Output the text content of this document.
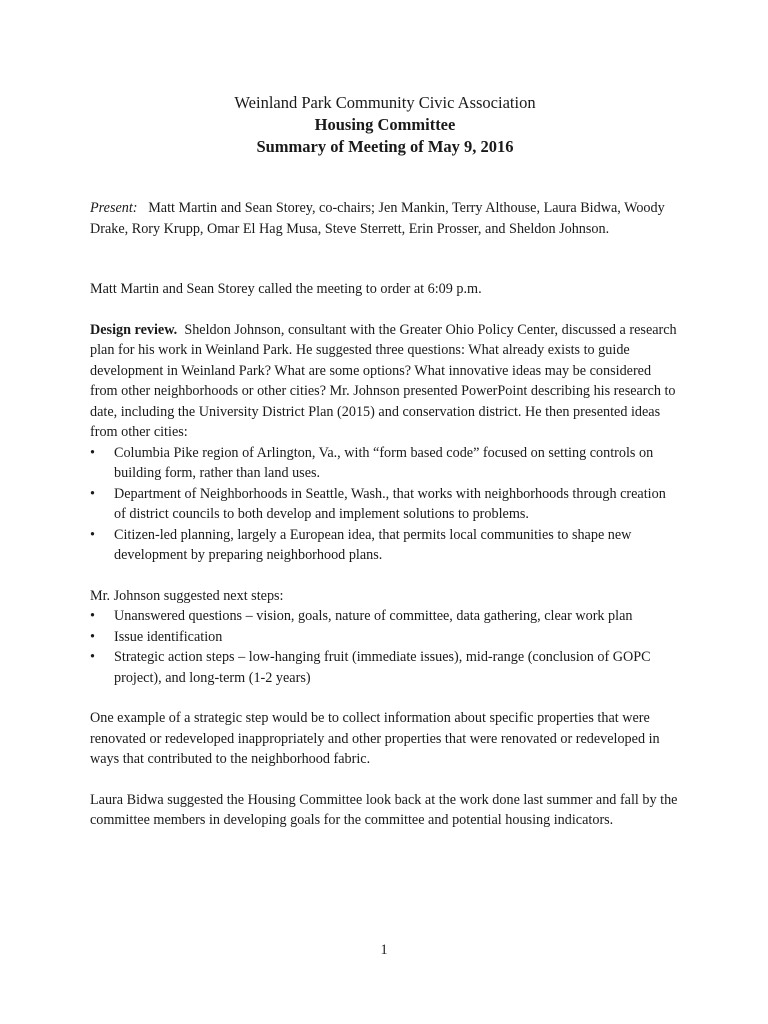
Weinland Park Community Civic Association
Housing Committee
Summary of Meeting of May 9, 2016

Present: Matt Martin and Sean Storey, co-chairs; Jen Mankin, Terry Althouse, Laura Bidwa, Woody Drake, Rory Krupp, Omar El Hag Musa, Steve Sterrett, Erin Prosser, and Sheldon Johnson.

Matt Martin and Sean Storey called the meeting to order at 6:09 p.m.

Design review. Sheldon Johnson, consultant with the Greater Ohio Policy Center, discussed a research plan for his work in Weinland Park. He suggested three questions: What already exists to guide development in Weinland Park? What are some options? What innovative ideas may be considered from other neighborhoods or other cities? Mr. Johnson presented PowerPoint describing his research to date, including the University District Plan (2015) and conservation district. He then presented ideas from other cities:

• Columbia Pike region of Arlington, Va., with “form based code” focused on setting controls on building form, rather than land uses.
• Department of Neighborhoods in Seattle, Wash., that works with neighborhoods through creation of district councils to both develop and implement solutions to problems.
• Citizen-led planning, largely a European idea, that permits local communities to shape new development by preparing neighborhood plans.

Mr. Johnson suggested next steps:

• Unanswered questions – vision, goals, nature of committee, data gathering, clear work plan
• Issue identification
• Strategic action steps – low-hanging fruit (immediate issues), mid-range (conclusion of GOPC project), and long-term (1-2 years)

One example of a strategic step would be to collect information about specific properties that were renovated or redeveloped inappropriately and other properties that were renovated or redeveloped in ways that contributed to the neighborhood fabric.

Laura Bidwa suggested the Housing Committee look back at the work done last summer and fall by the committee members in developing goals for the committee and potential housing indicators.

1
